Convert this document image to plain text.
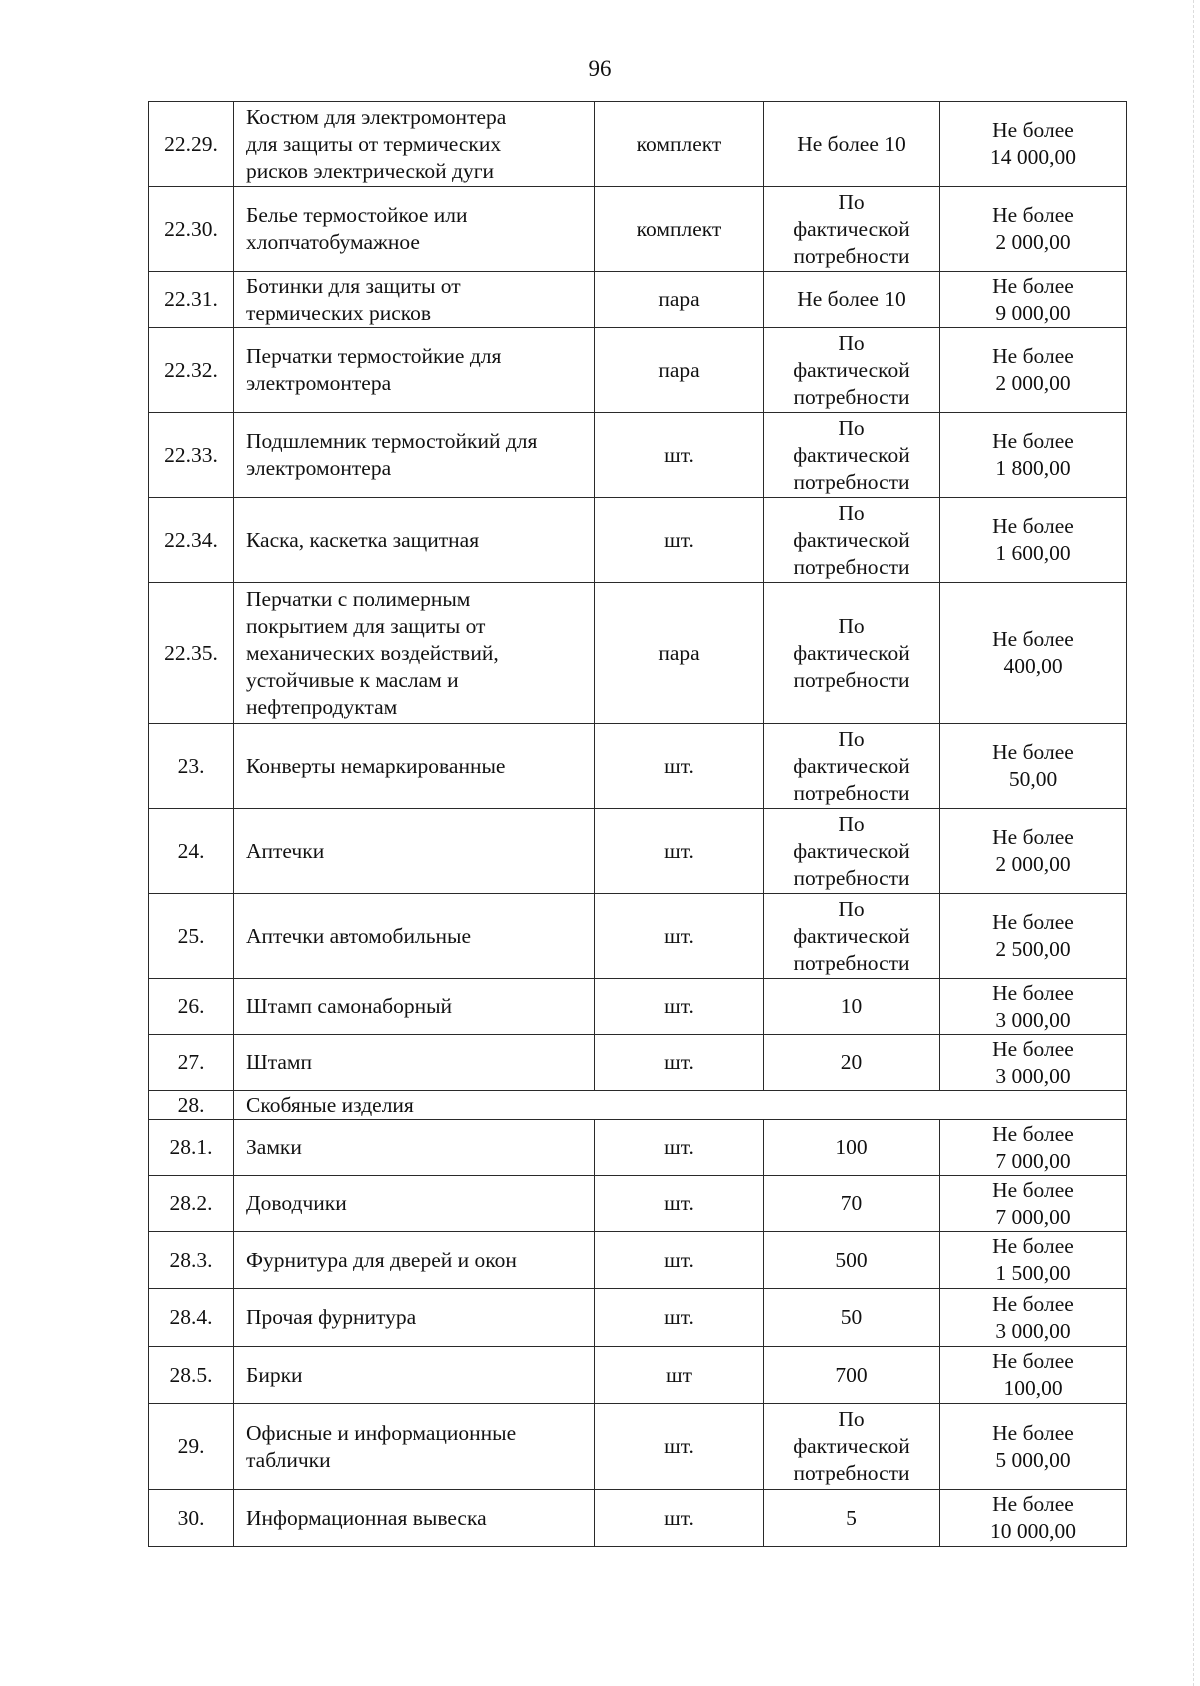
96
22.29.	Костюм для электромонтера
для защиты от термических
рисков электрической дуги	комплект	Не более 10	Не более
14 000,00
22.30.	Белье термостойкое или
хлопчатобумажное	комплект	По
фактической
потребности	Не более
2 000,00
22.31.	Ботинки для защиты от
термических рисков	пара	Не более 10	Не более
9 000,00
22.32.	Перчатки термостойкие для
электромонтера	пара	По
фактической
потребности	Не более
2 000,00
22.33.	Подшлемник термостойкий для
электромонтера	шт.	По
фактической
потребности	Не более
1 800,00
22.34.	Каска, каскетка защитная	шт.	По
фактической
потребности	Не более
1 600,00
22.35.	Перчатки с полимерным
покрытием для защиты от
механических воздействий,
устойчивые к маслам и
нефтепродуктам	пара	По
фактической
потребности	Не более
400,00
23.	Конверты немаркированные	шт.	По
фактической
потребности	Не более
50,00
24.	Аптечки	шт.	По
фактической
потребности	Не более
2 000,00
25.	Аптечки автомобильные	шт.	По
фактической
потребности	Не более
2 500,00
26.	Штамп самонаборный	шт.	10	Не более
3 000,00
27.	Штамп	шт.	20	Не более
3 000,00
28.	Скобяные изделия			
28.1.	Замки	шт.	100	Не более
7 000,00
28.2.	Доводчики	шт.	70	Не более
7 000,00
28.3.	Фурнитура для дверей и окон	шт.	500	Не более
1 500,00
28.4.	Прочая фурнитура	шт.	50	Не более
3 000,00
28.5.	Бирки	шт	700	Не более
100,00
29.	Офисные и информационные
таблички	шт.	По
фактической
потребности	Не более
5 000,00
30.	Информационная вывеска	шт.	5	Не более
10 000,00
